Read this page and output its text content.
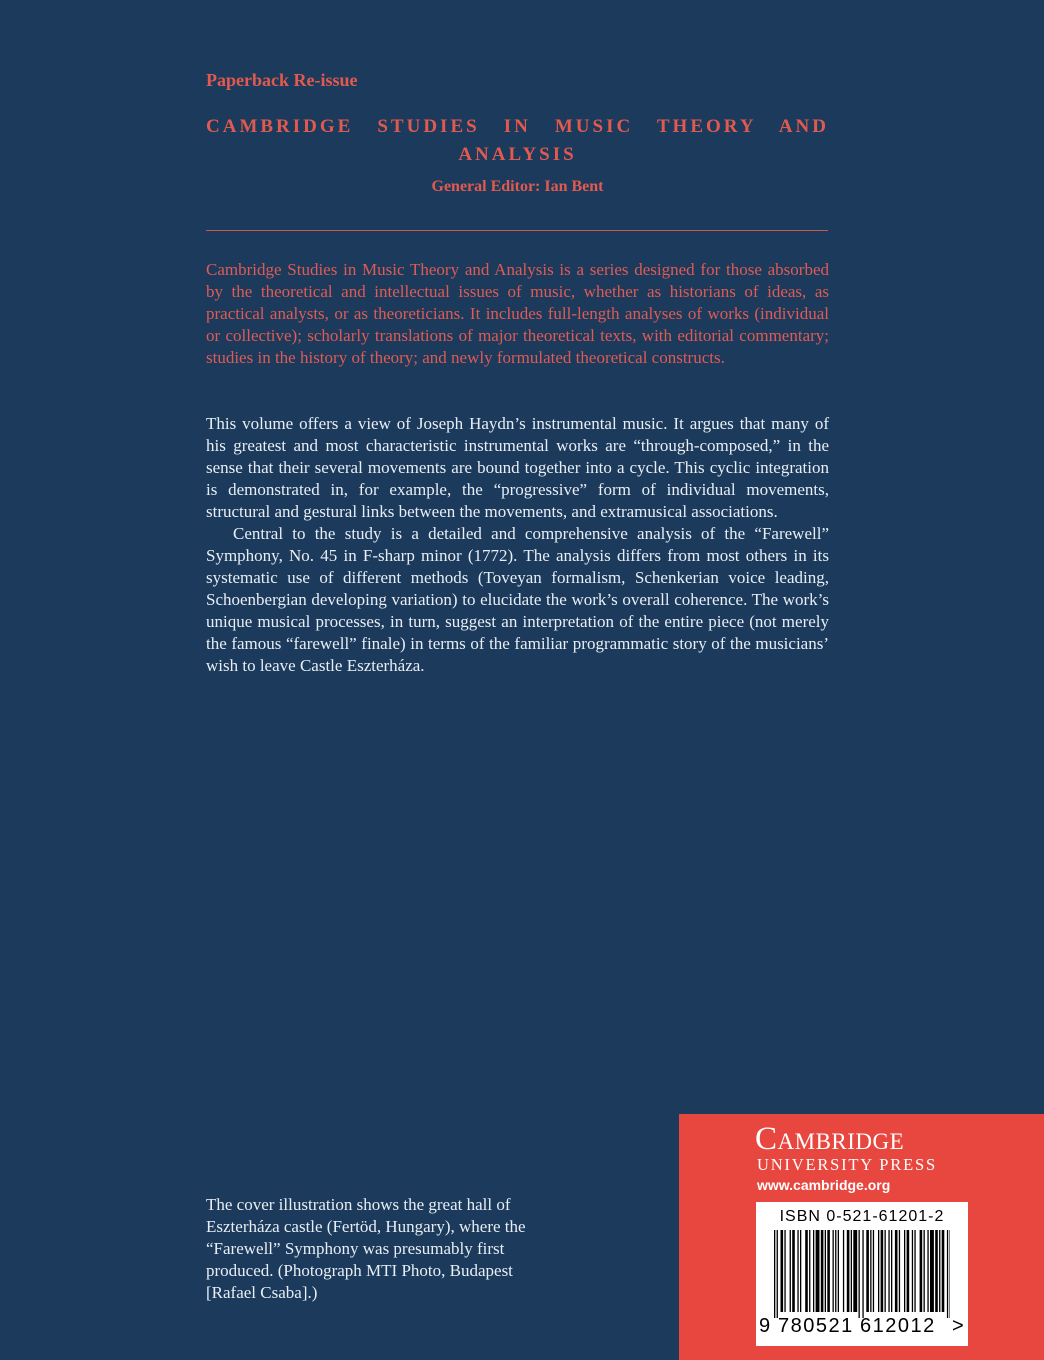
Paperback Re-issue

CAMBRIDGE STUDIES IN MUSIC THEORY AND ANALYSIS

General Editor: Ian Bent

Cambridge Studies in Music Theory and Analysis is a series designed for those absorbed by the theoretical and intellectual issues of music, whether as historians of ideas, as practical analysts, or as theoreticians. It includes full-length analyses of works (individual or collective); scholarly translations of major theoretical texts, with editorial commentary; studies in the history of theory; and newly formulated theoretical constructs.

This volume offers a view of Joseph Haydn’s instrumental music. It argues that many of his greatest and most characteristic instrumental works are “through-composed,” in the sense that their several movements are bound together into a cycle. This cyclic integration is demonstrated in, for example, the “progressive” form of individual movements, structural and gestural links between the movements, and extramusical associations.

Central to the study is a detailed and comprehensive analysis of the “Farewell” Symphony, No. 45 in F-sharp minor (1772). The analysis differs from most others in its systematic use of different methods (Toveyan formalism, Schenkerian voice leading, Schoenbergian developing variation) to elucidate the work’s overall coherence. The work’s unique musical processes, in turn, suggest an interpretation of the entire piece (not merely the famous “farewell” finale) in terms of the familiar programmatic story of the musicians’ wish to leave Castle Eszterháza.

The cover illustration shows the great hall of Eszterháza castle (Fertöd, Hungary), where the “Farewell” Symphony was presumably first produced. (Photograph MTI Photo, Budapest [Rafael Csaba].)

Cambridge

UNIVERSITY PRESS

www.cambridge.org

ISBN 0-521-61201-2

9 780521 612012 >
